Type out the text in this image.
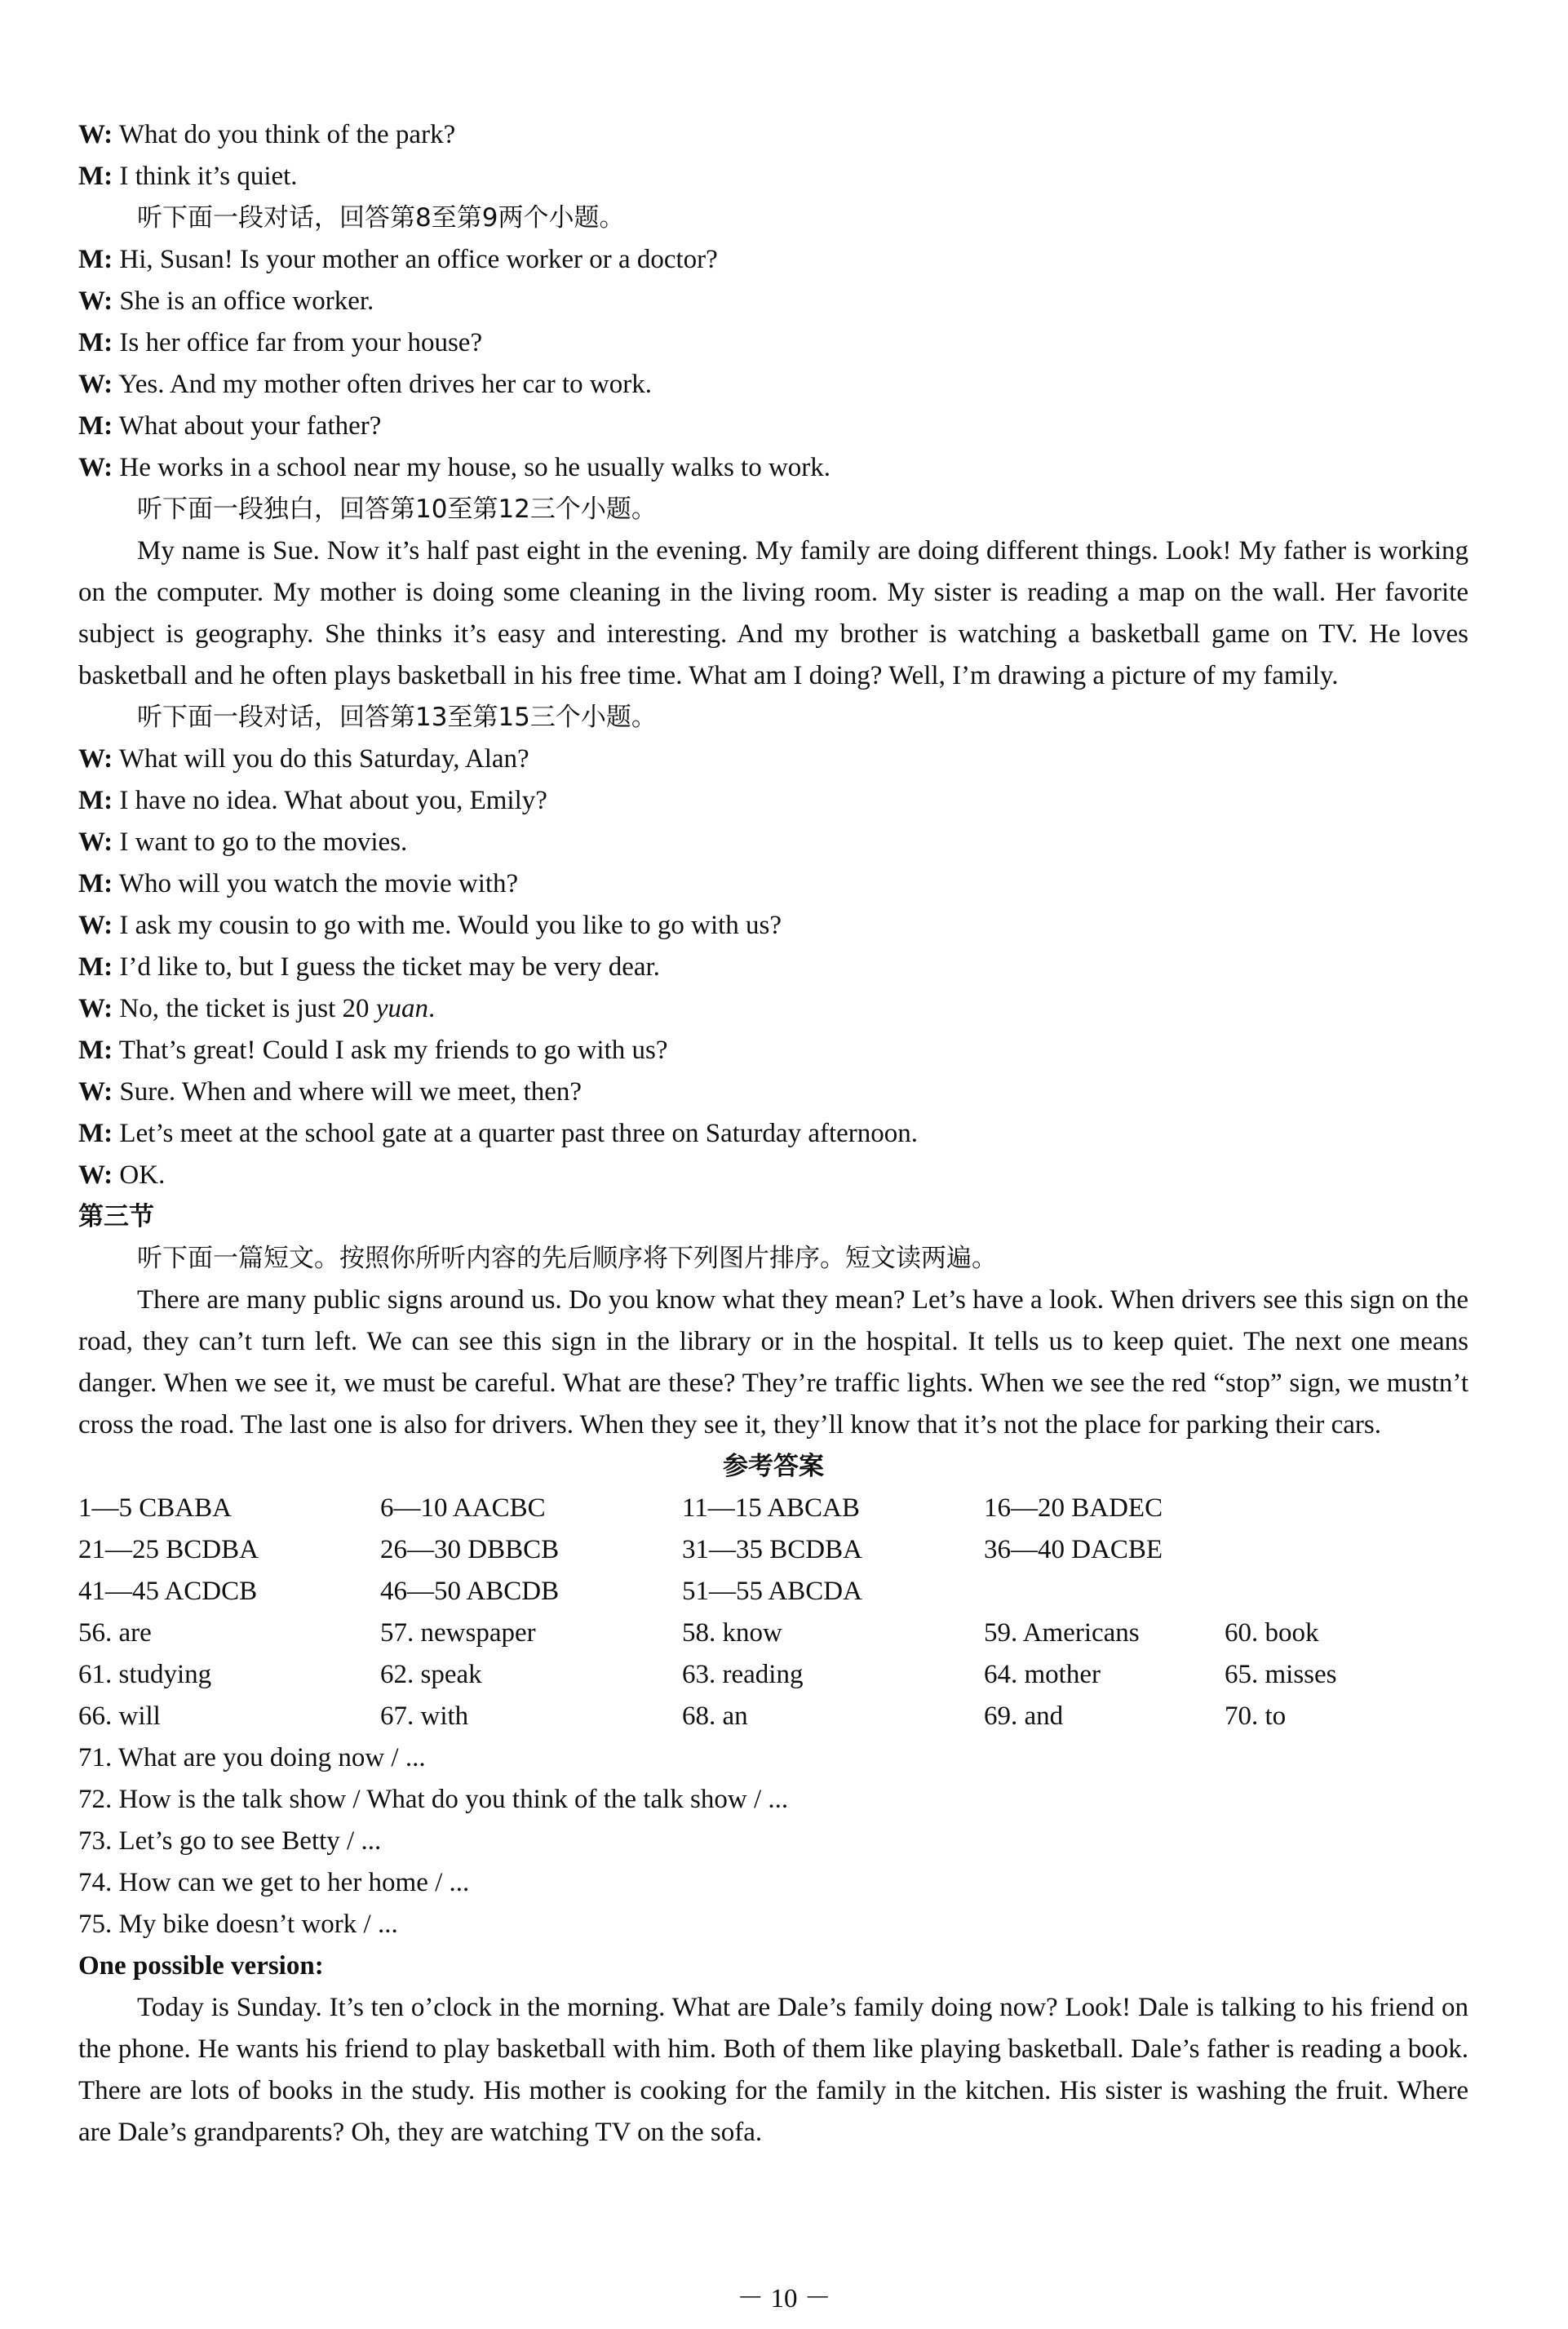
W: What do you think of the park?
M: I think it’s quiet.
听下面一段对话，回答第8至第9两个小题。
M: Hi, Susan! Is your mother an office worker or a doctor?
W: She is an office worker.
M: Is her office far from your house?
W: Yes. And my mother often drives her car to work.
M: What about your father?
W: He works in a school near my house, so he usually walks to work.
听下面一段独白，回答第10至第12三个小题。
My name is Sue. Now it’s half past eight in the evening. My family are doing different things. Look! My father is working on the computer. My mother is doing some cleaning in the living room. My sister is reading a map on the wall. Her favorite subject is geography. She thinks it’s easy and interesting. And my brother is watching a basketball game on TV. He loves basketball and he often plays basketball in his free time. What am I doing? Well, I’m drawing a picture of my family.
听下面一段对话，回答第13至第15三个小题。
W: What will you do this Saturday, Alan?
M: I have no idea. What about you, Emily?
W: I want to go to the movies.
M: Who will you watch the movie with?
W: I ask my cousin to go with me. Would you like to go with us?
M: I’d like to, but I guess the ticket may be very dear.
W: No, the ticket is just 20 yuan.
M: That’s great! Could I ask my friends to go with us?
W: Sure. When and where will we meet, then?
M: Let’s meet at the school gate at a quarter past three on Saturday afternoon.
W: OK.
第三节
听下面一篇短文。按照你所听内容的先后顺序将下列图片排序。短文读两遍。
There are many public signs around us. Do you know what they mean? Let’s have a look. When drivers see this sign on the road, they can’t turn left. We can see this sign in the library or in the hospital. It tells us to keep quiet. The next one means danger. When we see it, we must be careful. What are these? They’re traffic lights. When we see the red “stop” sign, we mustn’t cross the road. The last one is also for drivers. When they see it, they’ll know that it’s not the place for parking their cars.
参考答案
1—5 CBABA	6—10 AACBC	11—15 ABCAB	16—20 BADEC
21—25 BCDBA	26—30 DBBCB	31—35 BCDBA	36—40 DACBE
41—45 ACDCB	46—50 ABCDB	51—55 ABCDA
56. are	57. newspaper	58. know	59. Americans	60. book
61. studying	62. speak	63. reading	64. mother	65. misses
66. will	67. with	68. an	69. and	70. to
71. What are you doing now / ...
72. How is the talk show / What do you think of the talk show / ...
73. Let’s go to see Betty / ...
74. How can we get to her home / ...
75. My bike doesn’t work / ...
One possible version:
Today is Sunday. It’s ten o’clock in the morning. What are Dale’s family doing now? Look! Dale is talking to his friend on the phone. He wants his friend to play basketball with him. Both of them like playing basketball. Dale’s father is reading a book. There are lots of books in the study. His mother is cooking for the family in the kitchen. His sister is washing the fruit. Where are Dale’s grandparents? Oh, they are watching TV on the sofa.
－ 10 －
